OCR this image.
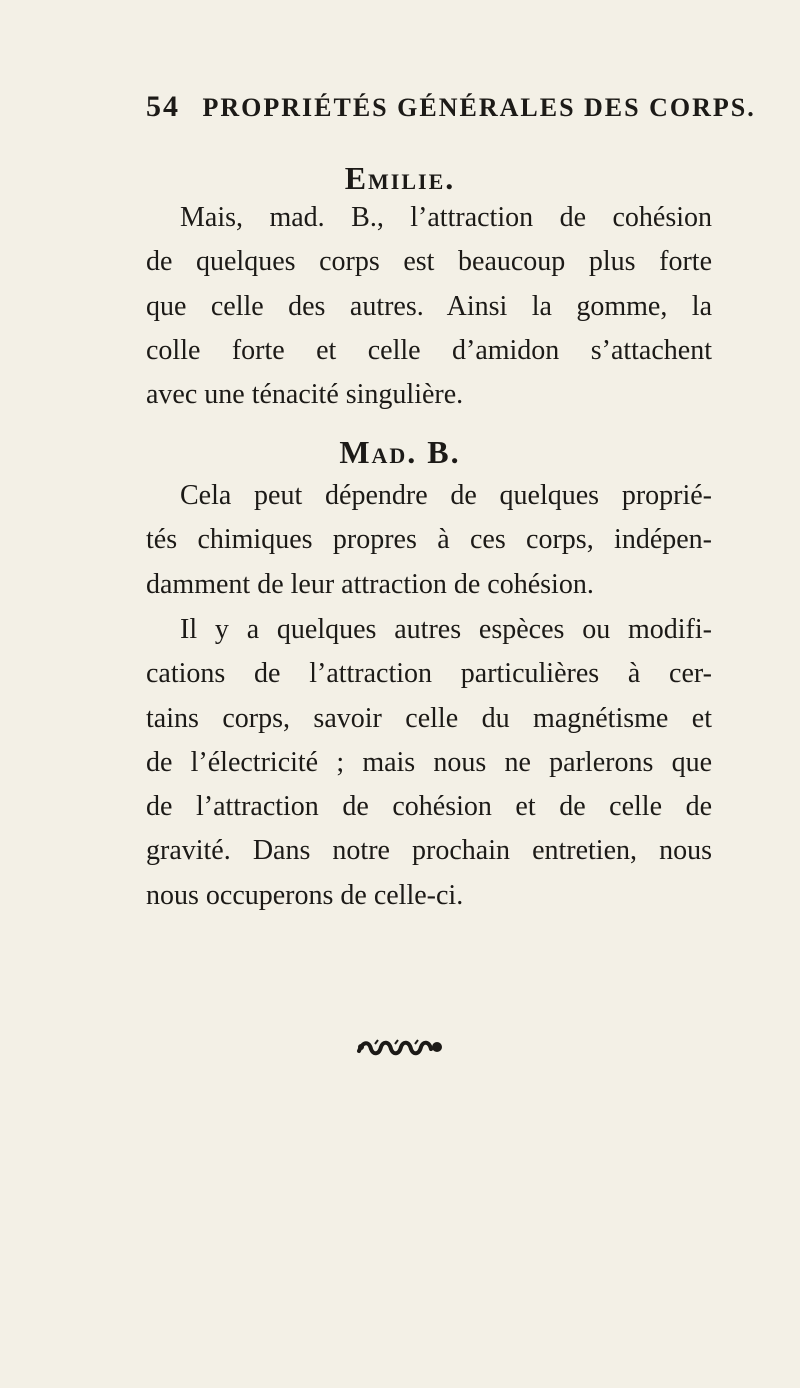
54 PROPRIÉTÉS GÉNÉRALES DES CORPS.
Emilie.
Mais, mad. B., l’attraction de cohésion
de quelques corps est beaucoup plus forte
que celle des autres. Ainsi la gomme, la
colle forte et celle d’amidon s’attachent
avec une ténacité singulière.
Mad. B.
Cela peut dépendre de quelques proprié-
tés chimiques propres à ces corps, indépen-
damment de leur attraction de cohésion.
Il y a quelques autres espèces ou modifi-
cations de l’attraction particulières à cer-
tains corps, savoir celle du magnétisme et
de l’électricité ; mais nous ne parlerons que
de l’attraction de cohésion et de celle de
gravité. Dans notre prochain entretien, nous
nous occuperons de celle-ci.
